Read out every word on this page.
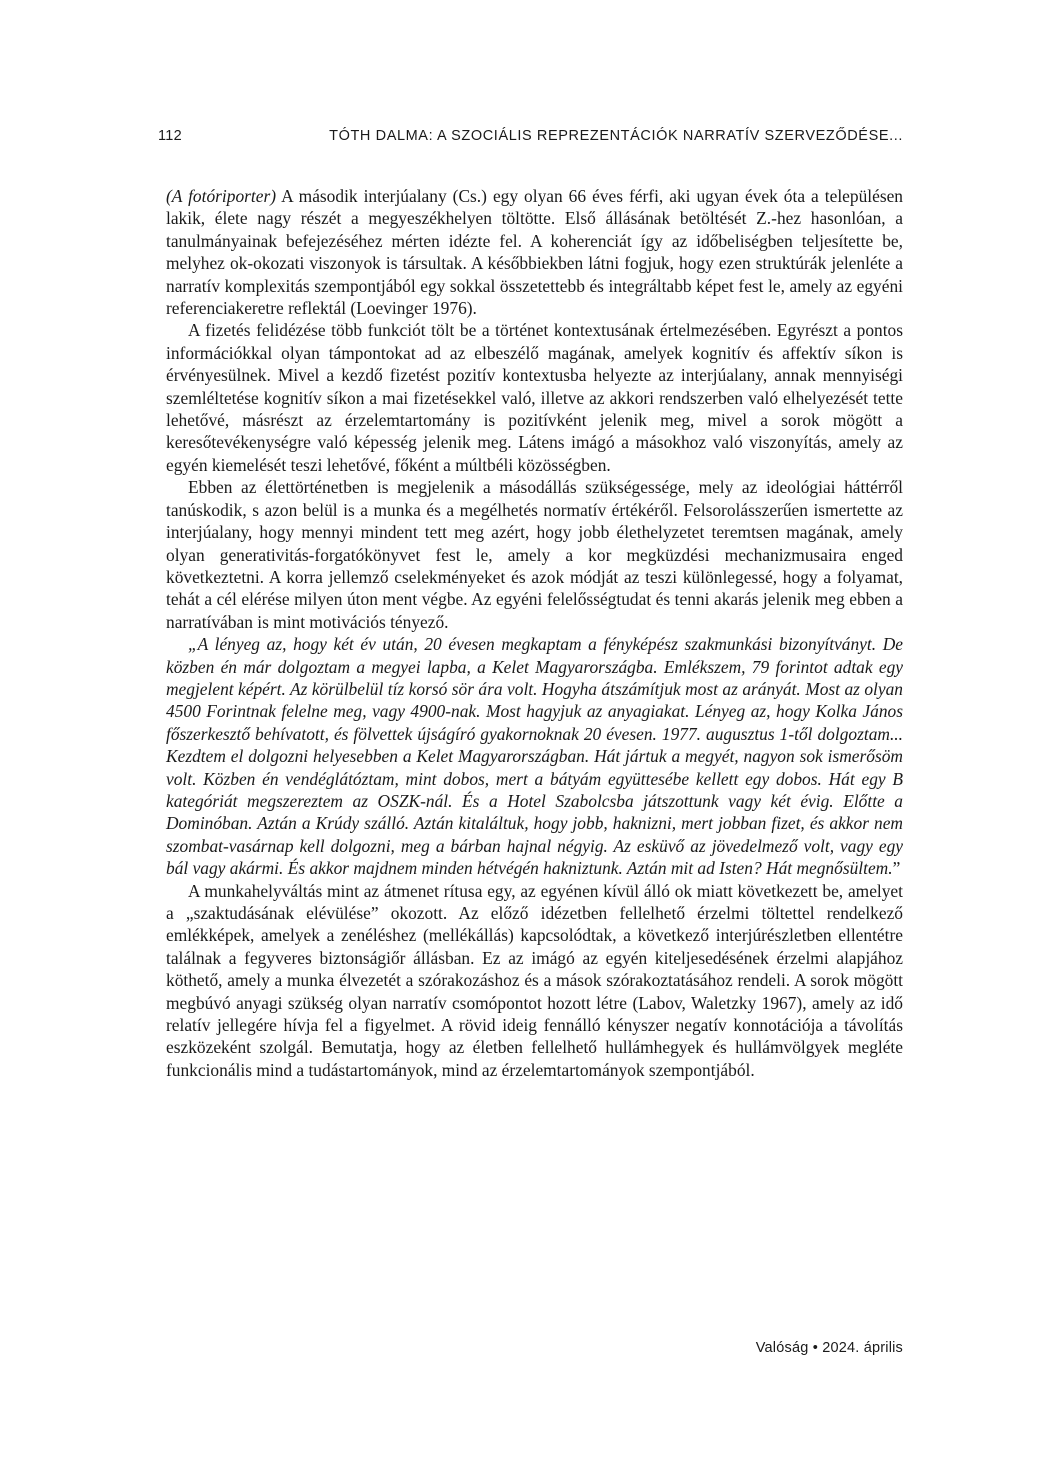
112	TÓTH DALMA: A SZOCIÁLIS REPREZENTÁCIÓK NARRATÍV SZERVEZŐDÉSE...

(A fotóriporter) A második interjúalany (Cs.) egy olyan 66 éves férfi, aki ugyan évek óta a településen lakik, élete nagy részét a megyeszékhelyen töltötte. Első állásának betöltését Z.-hez hasonlóan, a tanulmányainak befejezéséhez mérten idézte fel. A koherenciát így az időbeliségben teljesítette be, melyhez ok-okozati viszonyok is társultak. A későbbiekben látni fogjuk, hogy ezen struktúrák jelenléte a narratív komplexitás szempontjából egy sokkal összetettebb és integráltabb képet fest le, amely az egyéni referenciakeretre reflektál (Loevinger 1976).

A fizetés felidézése több funkciót tölt be a történet kontextusának értelmezésében. Egyrészt a pontos információkkal olyan támpontokat ad az elbeszélő magának, amelyek kognitív és affektív síkon is érvényesülnek. Mivel a kezdő fizetést pozitív kontextusba helyezte az interjúalany, annak mennyiségi szemléltetése kognitív síkon a mai fizetésekkel való, illetve az akkori rendszerben való elhelyezését tette lehetővé, másrészt az érzelemtartomány is pozitívként jelenik meg, mivel a sorok mögött a keresőtevékenységre való képesség jelenik meg. Látens imágó a másokhoz való viszonyítás, amely az egyén kiemelését teszi lehetővé, főként a múltbéli közösségben.

Ebben az élettörténetben is megjelenik a másodállás szükségessége, mely az ideológiai háttérről tanúskodik, s azon belül is a munka és a megélhetés normatív értékéről. Felsorolásszerűen ismertette az interjúalany, hogy mennyi mindent tett meg azért, hogy jobb élethelyzetet teremtsen magának, amely olyan generativitás-forgatókönyvet fest le, amely a kor megküzdési mechanizmusaira enged következtetni. A korra jellemző cselekményeket és azok módját az teszi különlegessé, hogy a folyamat, tehát a cél elérése milyen úton ment végbe. Az egyéni felelősségtudat és tenni akarás jelenik meg ebben a narratívában is mint motivációs tényező.

„A lényeg az, hogy két év után, 20 évesen megkaptam a fényképész szakmunkási bizonyítványt. De közben én már dolgoztam a megyei lapba, a Kelet Magyarországba. Emlékszem, 79 forintot adtak egy megjelent képért. Az körülbelül tíz korsó sör ára volt. Hogyha átszámítjuk most az arányát. Most az olyan 4500 Forintnak felelne meg, vagy 4900-nak. Most hagyjuk az anyagiakat. Lényeg az, hogy Kolka János főszerkesztő behívatott, és fölvettek újságíró gyakornoknak 20 évesen. 1977. augusztus 1-től dolgoztam... Kezdtem el dolgozni helyesebben a Kelet Magyarországban. Hát jártuk a megyét, nagyon sok ismerősöm volt. Közben én vendéglátóztam, mint dobos, mert a bátyám együttesébe kellett egy dobos. Hát egy B kategóriát megszereztem az OSZK-nál. És a Hotel Szabolcsba játszottunk vagy két évig. Előtte a Dominóban. Aztán a Krúdy szálló. Aztán kitaláltuk, hogy jobb, haknizni, mert jobban fizet, és akkor nem szombat-vasárnap kell dolgozni, meg a bárban hajnal négyig. Az esküvő az jövedelmező volt, vagy egy bál vagy akármi. És akkor majdnem minden hétvégén hakniztunk. Aztán mit ad Isten? Hát megnősültem.”

A munkahelyváltás mint az átmenet rítusa egy, az egyénen kívül álló ok miatt következett be, amelyet a „szaktudásának elévülése” okozott. Az előző idézetben fellelhető érzelmi töltettel rendelkező emlékképek, amelyek a zenéléshez (mellékállás) kapcsolódtak, a következő interjúrészletben ellentétre találnak a fegyveres biztonságiőr állásban. Ez az imágó az egyén kiteljesedésének érzelmi alapjához köthető, amely a munka élvezetét a szórakozáshoz és a mások szórakoztatásához rendeli. A sorok mögött megbúvó anyagi szükség olyan narratív csomópontot hozott létre (Labov, Waletzky 1967), amely az idő relatív jellegére hívja fel a figyelmet. A rövid ideig fennálló kényszer negatív konnotációja a távolítás eszközeként szolgál. Bemutatja, hogy az életben fellelhető hullámhegyek és hullámvölgyek megléte funkcionális mind a tudástartományok, mind az érzelemtartományok szempontjából.

Valóság • 2024. április
